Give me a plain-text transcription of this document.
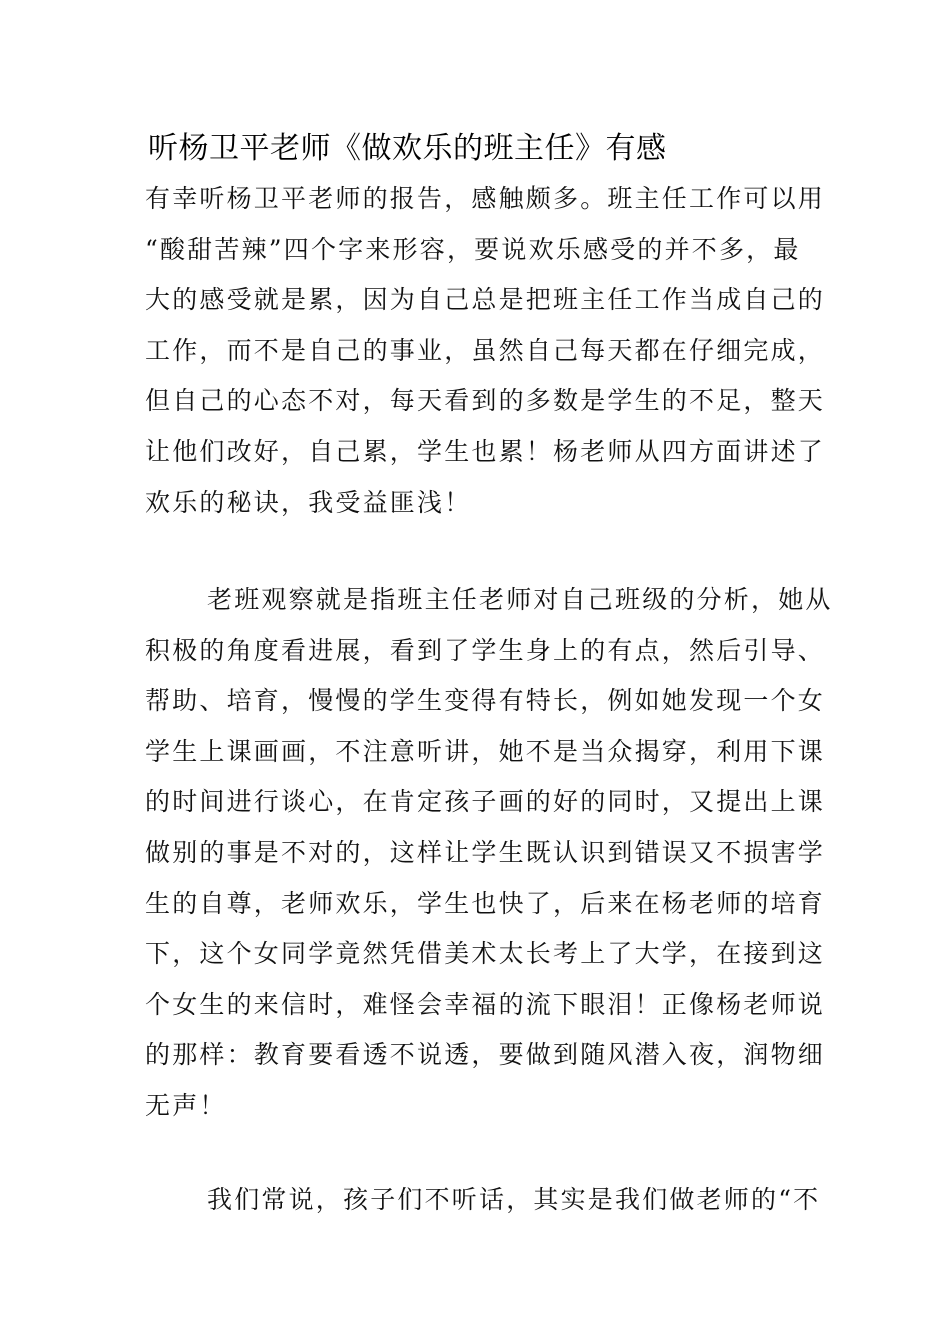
听杨卫平老师《做欢乐的班主任》有感
有幸听杨卫平老师的报告，感触颇多。班主任工作可以用
“酸甜苦辣”四个字来形容，要说欢乐感受的并不多，最
大的感受就是累，因为自己总是把班主任工作当成自己的
工作，而不是自己的事业，虽然自己每天都在仔细完成，
但自己的心态不对，每天看到的多数是学生的不足，整天
让他们改好，自己累，学生也累！杨老师从四方面讲述了
欢乐的秘诀，我受益匪浅！
老班观察就是指班主任老师对自己班级的分析，她从
积极的角度看进展，看到了学生身上的有点，然后引导、
帮助、培育，慢慢的学生变得有特长，例如她发现一个女
学生上课画画，不注意听讲，她不是当众揭穿，利用下课
的时间进行谈心，在肯定孩子画的好的同时，又提出上课
做别的事是不对的，这样让学生既认识到错误又不损害学
生的自尊，老师欢乐，学生也快了，后来在杨老师的培育
下，这个女同学竟然凭借美术太长考上了大学，在接到这
个女生的来信时，难怪会幸福的流下眼泪！正像杨老师说
的那样：教育要看透不说透，要做到随风潜入夜，润物细
无声！
我们常说，孩子们不听话，其实是我们做老师的“不
